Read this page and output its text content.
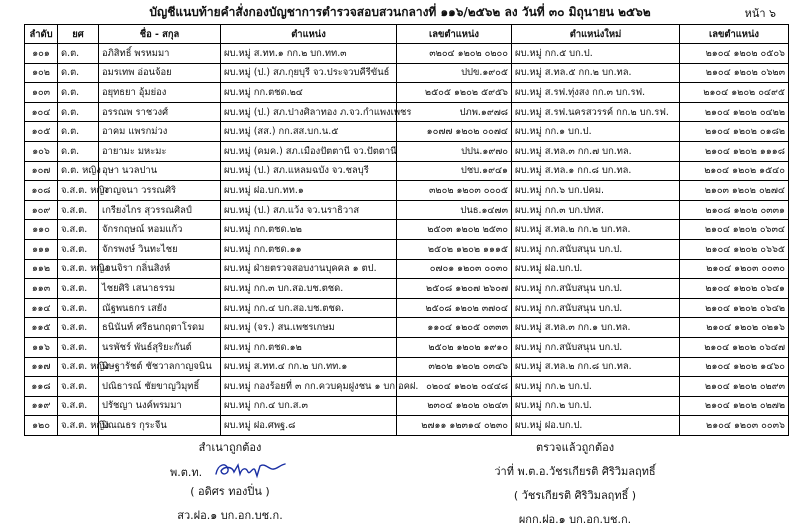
บัญชีแนบท้ายคำสั่งกองบัญชาการตำรวจสอบสวนกลางที่ ๑๑๖/๒๕๖๒ ลง วันที่ ๓๐ มิถุนายน ๒๕๖๒	หน้า ๖
ลำดับ	ยศ	ชื่อ - สกุล	ตำแหน่ง	เลขตำแหน่ง	ตำแหน่งใหม่	เลขตำแหน่ง
๑๐๑	ด.ต.	อภิสิทธิ์ พรหมมา	ผบ.หมู่ ส.ทท.๑ กก.๒ บก.ทท.๓	๓๒๐๔ ๑๒๐๒ ๐๒๐๐	ผบ.หมู่ กก.๕ บก.ป.	๒๑๐๔ ๑๒๐๒ ๐๕๐๖
๑๐๒	ด.ต.	อมรเทพ อ่อนจ้อย	ผบ.หมู่ (ป.) สภ.กุยบุรี จว.ประจวบคีรีขันธ์	ปปข.๑๙๐๕	ผบ.หมู่ ส.ทล.๕ กก.๒ บก.ทล.	๒๑๐๔ ๑๒๐๒ ๐๖๒๓
๑๐๓	ด.ต.	อยุทธยา อุ้มย่อง	ผบ.หมู่ กก.ตชด.๒๔	๒๕๐๕ ๑๒๐๒ ๕๙๕๖	ผบ.หมู่ ส.รฟ.ทุ่งสง กก.๓ บก.รฟ.	๒๑๐๔ ๑๒๐๒ ๐๔๙๕
๑๐๔	ด.ต.	อรรณพ ราชวงศ์	ผบ.หมู่ (ป.) สภ.ปางศิลาทอง ภ.จว.กำแพงเพชร	ปภพ.๑๙๗๘	ผบ.หมู่ ส.รฟ.นครสวรรค์ กก.๒ บก.รฟ.	๒๑๐๔ ๑๒๐๒ ๐๔๒๒
๑๐๕	ด.ต.	อาคม แพรกม่วง	ผบ.หมู่ (สส.) กก.สส.บก.น.๕	๑๐๗๗ ๑๒๐๒ ๐๐๗๔	ผบ.หมู่ กก.๑ บก.ป.	๒๑๐๔ ๑๒๐๒ ๐๑๘๒
๑๐๖	ด.ต.	อายามะ มหะมะ	ผบ.หมู่ (คมค.) สภ.เมืองปัตตานี จว.ปัตตานี	ปปน.๑๙๗๐	ผบ.หมู่ ส.ทล.๓ กก.๗ บก.ทล.	๒๑๐๔ ๑๒๐๒ ๑๑๑๘
๑๐๗	ด.ต. หญิง	อุษา นวลปาน	ผบ.หมู่ (ป.) สภ.แหลมฉบัง จว.ชลบุรี	ปชบ.๑๙๔๑	ผบ.หมู่ ส.ทล.๑ กก.๘ บก.ทล.	๒๑๐๔ ๑๒๐๒ ๑๕๔๐
๑๐๘	จ.ส.ต. หญิง	กาญจนา วรรณศิริ	ผบ.หมู่ ฝอ.บก.ทท.๑	๓๒๐๒ ๑๒๐๓ ๐๐๐๕	ผบ.หมู่ กก.๖ บก.ปคม.	๒๑๐๓ ๑๒๐๒ ๐๒๗๔
๑๐๙	จ.ส.ต.	เกรียงไกร สุวรรณศิลป์	ผบ.หมู่ (ป.) สภ.แว้ง จว.นราธิวาส	ปนธ.๑๔๗๓	ผบ.หมู่ กก.๓ บก.ปทส.	๒๑๐๘ ๑๒๐๒ ๐๓๓๑
๑๑๐	จ.ส.ต.	จักรกฤษณ์ หอมแก้ว	ผบ.หมู่ กก.ตชด.๒๒	๒๕๐๓ ๑๒๐๒ ๒๕๓๐	ผบ.หมู่ ส.ทล.๒ กก.๒ บก.ทล.	๒๑๐๔ ๑๒๐๒ ๐๖๓๔
๑๑๑	จ.ส.ต.	จักรพงษ์ วินทะไชย	ผบ.หมู่ กก.ตชด.๑๑	๒๕๐๒ ๑๒๐๒ ๑๑๑๕	ผบ.หมู่ กก.สนับสนุน บก.ป.	๒๑๐๔ ๑๒๐๒ ๐๖๖๕
๑๑๒	จ.ส.ต. หญิง	เจนจิรา กลิ่นสิงห์	ผบ.หมู่ ฝ่ายตรวจสอบงานบุคคล ๑ ตป.	๐๗๐๑ ๑๒๐๓ ๐๐๓๐	ผบ.หมู่ ฝอ.บก.ป.	๒๑๐๔ ๑๒๐๓ ๐๐๓๐
๑๑๓	จ.ส.ต.	ไชยศิริ เสนาธรรม	ผบ.หมู่ กก.๓ บก.สอ.บช.ตชด.	๒๕๐๘ ๑๒๐๗ ๒๖๐๗	ผบ.หมู่ กก.สนับสนุน บก.ป.	๒๑๐๔ ๑๒๐๒ ๐๖๔๑
๑๑๔	จ.ส.ต.	ณัฐพนธกร เสยัง	ผบ.หมู่ กก.๔ บก.สอ.บช.ตชด.	๒๕๐๘ ๑๒๐๒ ๓๗๐๔	ผบ.หมู่ กก.สนับสนุน บก.ป.	๒๑๐๔ ๑๒๐๒ ๐๖๔๒
๑๑๕	จ.ส.ต.	ธนินันท์ ศรีธนกฤตาโรดม	ผบ.หมู่ (จร.) สน.เพชรเกษม	๑๑๐๔ ๑๒๐๕ ๐๓๓๓	ผบ.หมู่ ส.ทล.๓ กก.๑ บก.ทล.	๒๑๐๔ ๑๒๐๒ ๐๒๑๖
๑๑๖	จ.ส.ต.	นรพัชร์ พันธ์สุริยะกันต์	ผบ.หมู่ กก.ตชด.๑๒	๒๕๐๒ ๑๒๐๒ ๑๙๑๐	ผบ.หมู่ กก.สนับสนุน บก.ป.	๒๑๐๔ ๑๒๐๒ ๐๖๔๗
๑๑๗	จ.ส.ต. หญิง	นิษฐารัชต์ ชัชวาลกาญจนิน	ผบ.หมู่ ส.ทท.๔ กก.๒ บก.ทท.๑	๓๒๐๒ ๑๒๐๒ ๐๓๔๖	ผบ.หมู่ ส.ทล.๒ กก.๘ บก.ทล.	๒๑๐๔ ๑๒๐๒ ๑๔๖๐
๑๑๘	จ.ส.ต.	ปณิธารณ์ ชัยขาญวิมุทธิ์	ผบ.หมู่ กองร้อยที่ ๓ กก.ควบคุมฝูงชน ๑ บก.อคฝ.	๐๒๐๔ ๑๒๐๒ ๐๔๔๘	ผบ.หมู่ กก.๒ บก.ป.	๒๑๐๔ ๑๒๐๒ ๐๒๙๓
๑๑๙	จ.ส.ต.	ปรัชญา นงค์พรมมา	ผบ.หมู่ กก.๔ บก.ส.๓	๒๓๐๔ ๑๒๐๒ ๐๒๔๓	ผบ.หมู่ กก.๒ บก.ป.	๒๑๐๔ ๑๒๐๒ ๐๒๗๒
๑๒๐	จ.ส.ต. หญิง	ปิณณธร กุระจีน	ผบ.หมู่ ฝอ.ศพฐ.๘	๒๗๑๑ ๑๒๓๑๔ ๐๒๓๐	ผบ.หมู่ ฝอ.บก.ป.	๒๑๐๔ ๑๒๐๓ ๐๐๓๖
สำเนาถูกต้อง
พ.ต.ท.
( อดิศร ทองปิ่น )
สว.ฝอ.๑ บก.อก.บช.ก.
ตรวจแล้วถูกต้อง
ว่าที่ พ.ต.อ.วัชรเกียรติ ศิริวิมลฤทธิ์
( วัชรเกียรติ ศิริวิมลฤทธิ์ )
ผกก.ฝอ.๑ บก.อก.บช.ก.
